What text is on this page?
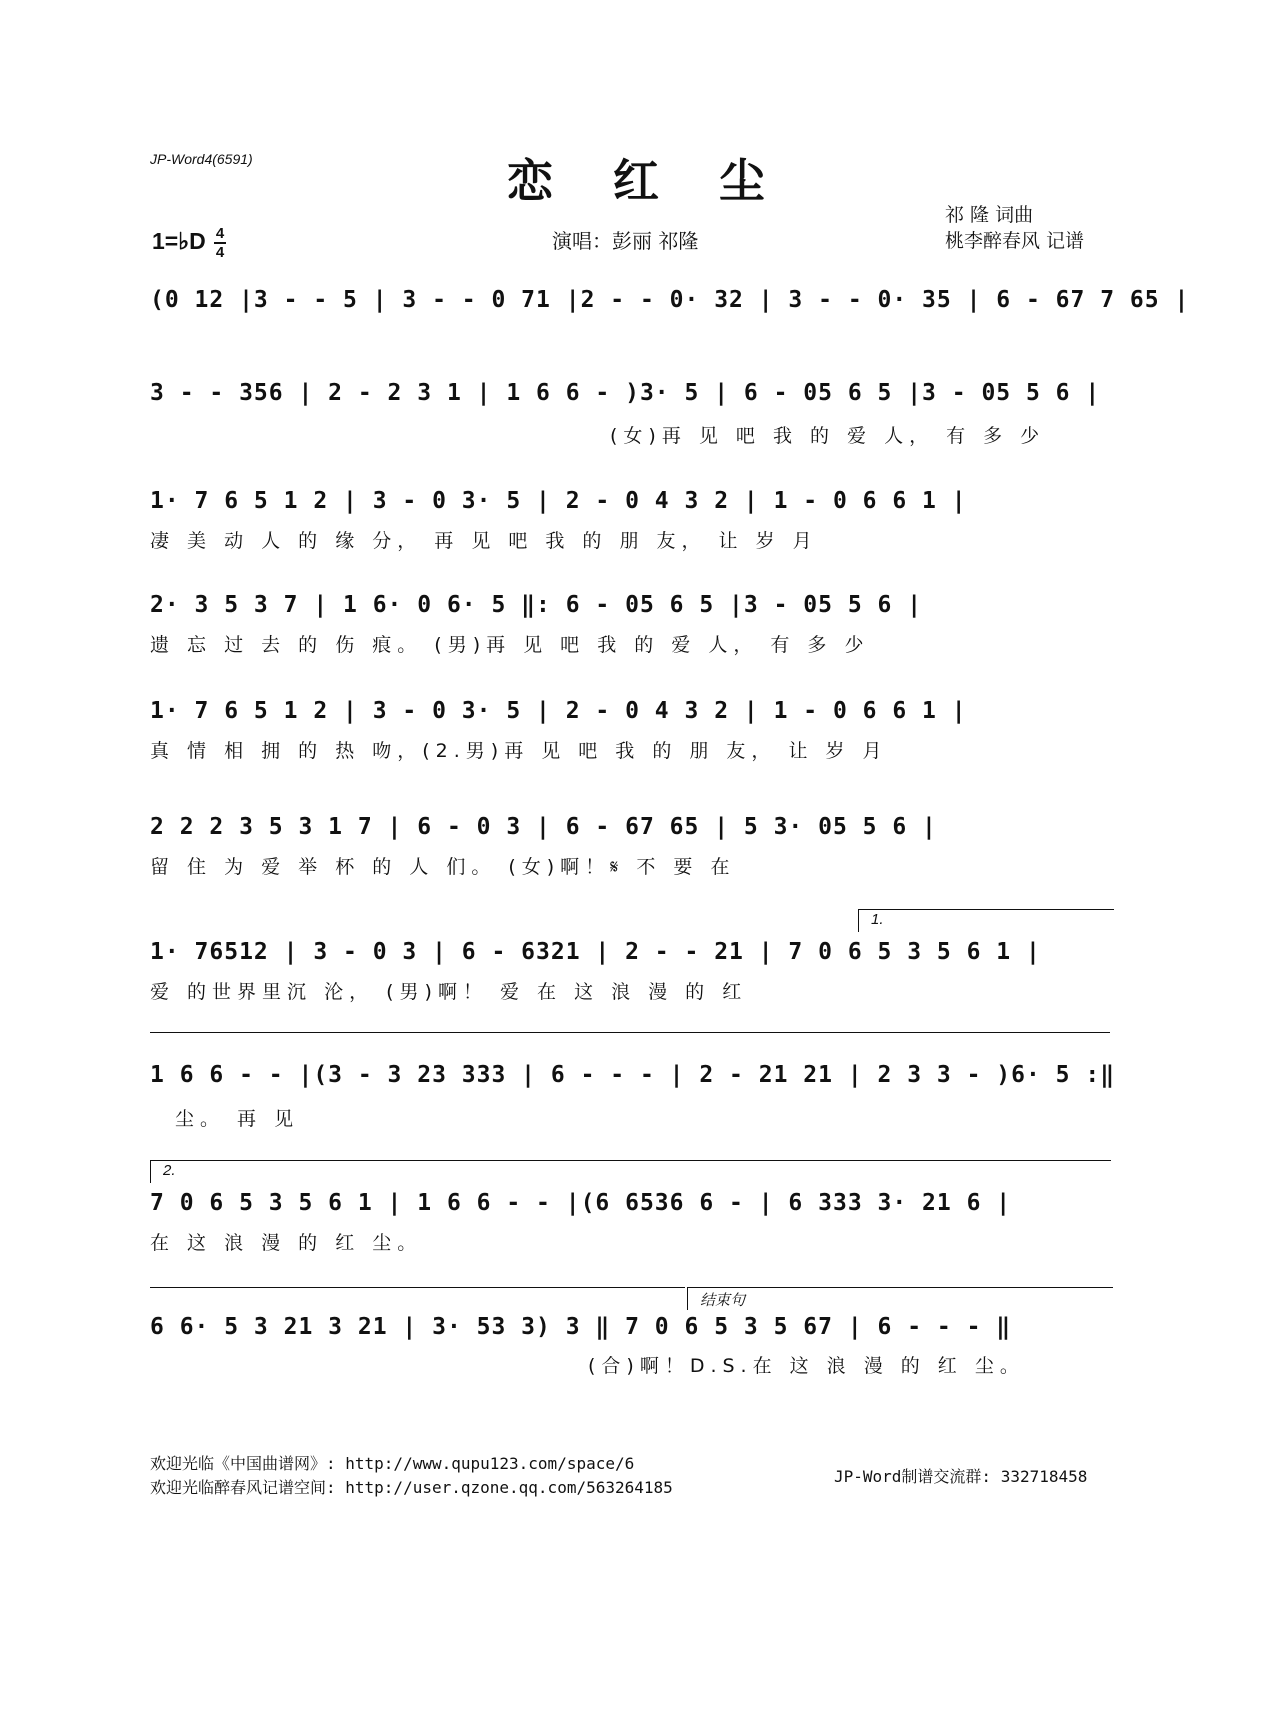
JP-Word4(6591)	恋红尘
祁 隆 词曲
桃李醉春风 记谱
1=♭D $\frac{4}{4}$	演唱：彭丽 祁隆
(0 12 |3 - - 5 | 3 - - 0 71 |2 - - 0· 32 | 3 - - 0· 35 | 6 - 67 7 65 |
3 - - 356 | 2 - 2 3 1 | 1 6 6 - )3· 5 | 6 - 05 6 5 |3 - 05 5 6 |
(女)再 见 吧 我 的 爱 人， 有 多 少
1· 7 6 5 1 2 | 3 - 0 3· 5 | 2 - 0 4 3 2 | 1 - 0 6 6 1 |
凄 美 动 人 的 缘 分， 再 见 吧 我 的 朋 友， 让 岁 月
2· 3 5 3 7 | 1 6· 0 6· 5 ‖: 6 - 05 6 5 |3 - 05 5 6 |
遗 忘 过 去 的 伤 痕。 (男)再 见 吧 我 的 爱 人， 有 多 少
1· 7 6 5 1 2 | 3 - 0 3· 5 | 2 - 0 4 3 2 | 1 - 0 6 6 1 |
真 情 相 拥 的 热 吻，(2.男)再 见 吧 我 的 朋 友， 让 岁 月
2 2 2 3 5 3 1 7 | 6 - 0 3 | 6 - 67 65 | 5 3· 05 5 6 |
留 住 为 爱 举 杯 的 人 们。 (女)啊！𝄋 不 要 在
1.
1· 76512 | 3 - 0 3 | 6 - 6321 | 2 - - 21 | 7 0 6 5 3 5 6 1 |
爱 的世界里沉 沦， (男)啊！ 爱 在 这 浪 漫 的 红
1 6 6 - - |(3 - 3 23 333 | 6 - - - | 2 - 21 21 | 2 3 3 - )6· 5 :‖
尘。 再 见
2.
7 0 6 5 3 5 6 1 | 1 6 6 - - |(6 6536 6 - | 6 333 3· 21 6 |
在 这 浪 漫 的 红 尘。
结束句
6 6· 5 3 21 3 21 | 3· 53 3) 3 ‖ 7 0 6 5 3 5 67 | 6 - - - ‖
(合)啊！D.S.在 这 浪 漫 的 红 尘。
欢迎光临《中国曲谱网》: http://www.qupu123.com/space/6
欢迎光临醉春风记谱空间: http://user.qzone.qq.com/563264185
JP-Word制谱交流群: 332718458
